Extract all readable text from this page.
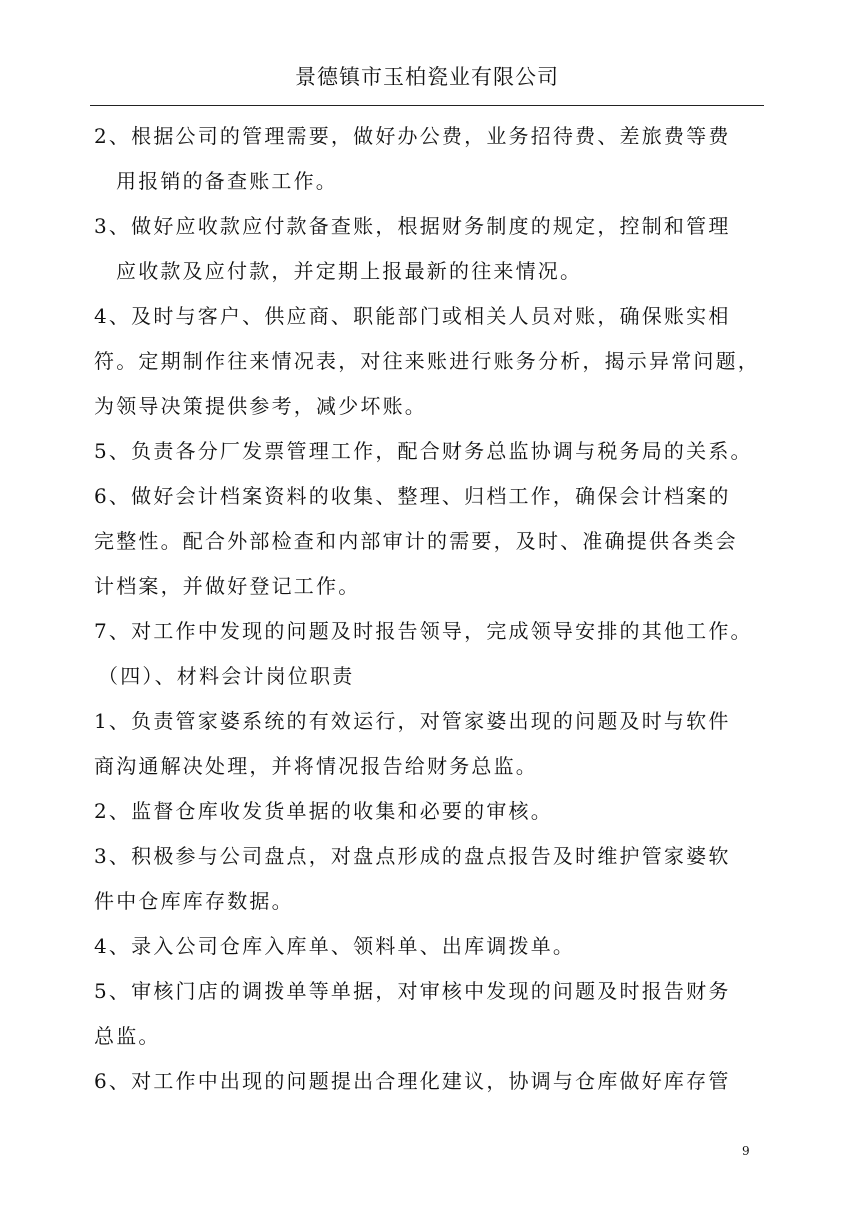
景德镇市玉柏瓷业有限公司
2、根据公司的管理需要，做好办公费，业务招待费、差旅费等费
用报销的备查账工作。
3、做好应收款应付款备查账，根据财务制度的规定，控制和管理
应收款及应付款，并定期上报最新的往来情况。
4、及时与客户、供应商、职能部门或相关人员对账，确保账实相
符。定期制作往来情况表，对往来账进行账务分析，揭示异常问题，
为领导决策提供参考，减少坏账。
5、负责各分厂发票管理工作，配合财务总监协调与税务局的关系。
6、做好会计档案资料的收集、整理、归档工作，确保会计档案的
完整性。配合外部检查和内部审计的需要，及时、准确提供各类会
计档案，并做好登记工作。
7、对工作中发现的问题及时报告领导，完成领导安排的其他工作。
（四）、材料会计岗位职责
1、负责管家婆系统的有效运行，对管家婆出现的问题及时与软件
商沟通解决处理，并将情况报告给财务总监。
2、监督仓库收发货单据的收集和必要的审核。
3、积极参与公司盘点，对盘点形成的盘点报告及时维护管家婆软
件中仓库库存数据。
4、录入公司仓库入库单、领料单、出库调拨单。
5、审核门店的调拨单等单据，对审核中发现的问题及时报告财务
总监。
6、对工作中出现的问题提出合理化建议，协调与仓库做好库存管
9
